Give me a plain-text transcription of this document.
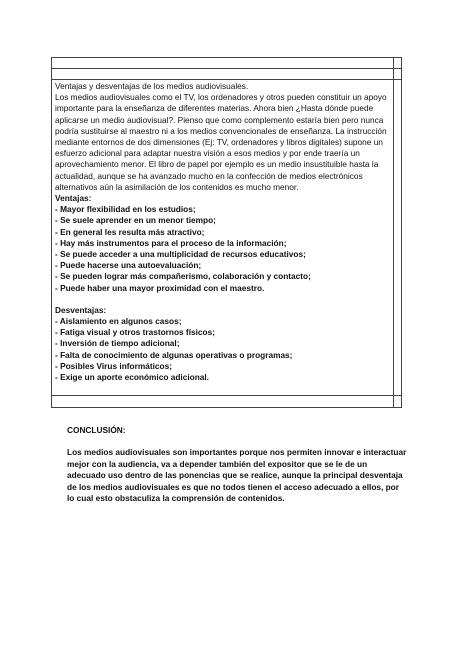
Ventajas y desventajas de los medios audiovisuales.

Los medios audiovisuales como el TV, los ordenadores y otros pueden constituir un apoyo importante para la enseñanza de diferentes materias. Ahora bien ¿Hasta dónde puede aplicarse un medio audiovisual?. Pienso que como complemento estaría bien pero nunca podría sustituirse al maestro ni a los medios convencionales de enseñanza. La instrucción mediante entornos de dos dimensiones (Ej: TV, ordenadores y libros digitales) supone un esfuerzo adicional para adaptar nuestra visión a esos medios y por ende traería un aprovechamiento menor. El libro de papel por ejemplo es un medio insustituible hasta la actualidad, aunque se ha avanzado mucho en la confección de medios electrónicos alternativos aún la asimilación de los contenidos es mucho menor.

Ventajas:

- Mayor flexibilidad en los estudios;
- Se suele aprender en un menor tiempo;
- En general les resulta más atractivo;
- Hay más instrumentos para el proceso de la información;
- Se puede acceder a una multiplicidad de recursos educativos;
- Puede hacerse una autoevaluación;
- Se pueden lograr más compañerismo, colaboración y contacto;
- Puede haber una mayor proximidad con el maestro.

Desventajas:

- Aislamiento en algunos casos;
- Fatiga visual y otros trastornos físicos;
- Inversión de tiempo adicional;
- Falta de conocimiento de algunas operativas o programas;
- Posibles Virus informáticos;
- Exige un aporte económico adicional.

CONCLUSIÓN:

Los medios audiovisuales son importantes porque nos permiten innovar e interactuar mejor con la audiencia, va a depender también del expositor que se le de un adecuado uso dentro de las ponencias que se realice, aunque la principal desventaja de los medios audiovisuales es que no todos tienen el acceso adecuado a ellos, por lo cual esto obstaculiza la comprensión de contenidos.
